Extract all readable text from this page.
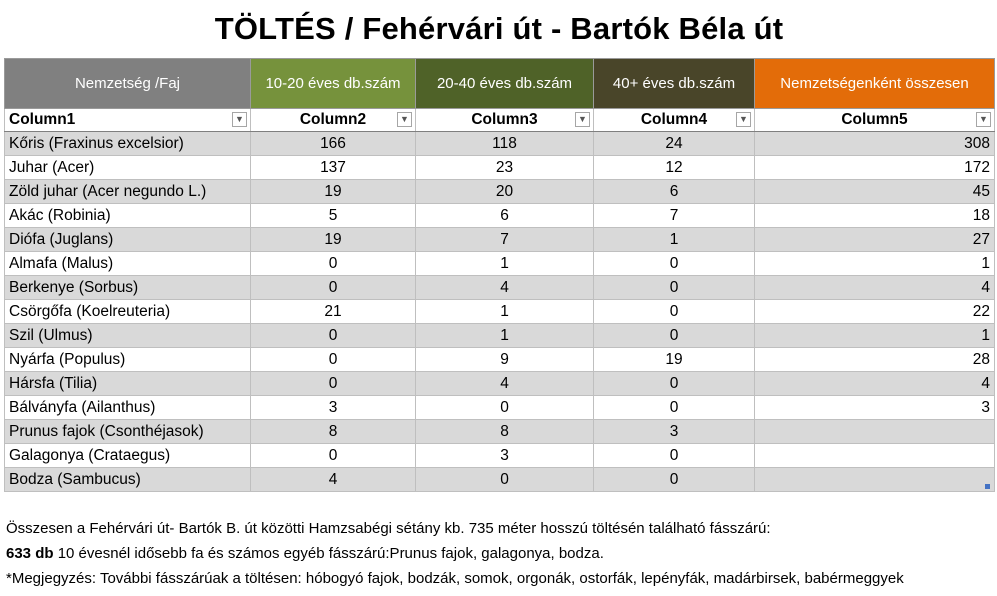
TÖLTÉS / Fehérvári út - Bartók Béla út
Nemzetség /Faj	10-20 éves db.szám	20-40 éves db.szám	40+ éves db.szám	Nemzetségenként összesen
Column1 ▼	Column2 ▼	Column3 ▼	Column4 ▼	Column5 ▼

Kőris (Fraxinus excelsior)	166	118	24	308
Juhar (Acer)	137	23	12	172
Zöld juhar (Acer negundo L.)	19	20	6	45
Akác (Robinia)	5	6	7	18
Diófa (Juglans)	19	7	1	27
Almafa (Malus)	0	1	0	1
Berkenye (Sorbus)	0	4	0	4
Csörgőfa (Koelreuteria)	21	1	0	22
Szil (Ulmus)	0	1	0	1
Nyárfa (Populus)	0	9	19	28
Hársfa (Tilia)	0	4	0	4
Bálványfa (Ailanthus)	3	0	0	3
Prunus fajok (Csonthéjasok)	8	8	3	
Galagonya (Crataegus)	0	3	0	
Bodza (Sambucus)	4	0	0	
Összesen a Fehérvári út- Bartók B. út közötti Hamzsabégi sétány kb. 735 méter hosszú töltésén található fásszárú:
633 db 10 évesnél idősebb fa és számos egyéb fásszárú:Prunus fajok, galagonya, bodza.
*Megjegyzés: További fásszárúak a töltésen: hóbogyó fajok, bodzák, somok, orgonák, ostorfák, lepényfák, madárbirsek, babérmeggyek
